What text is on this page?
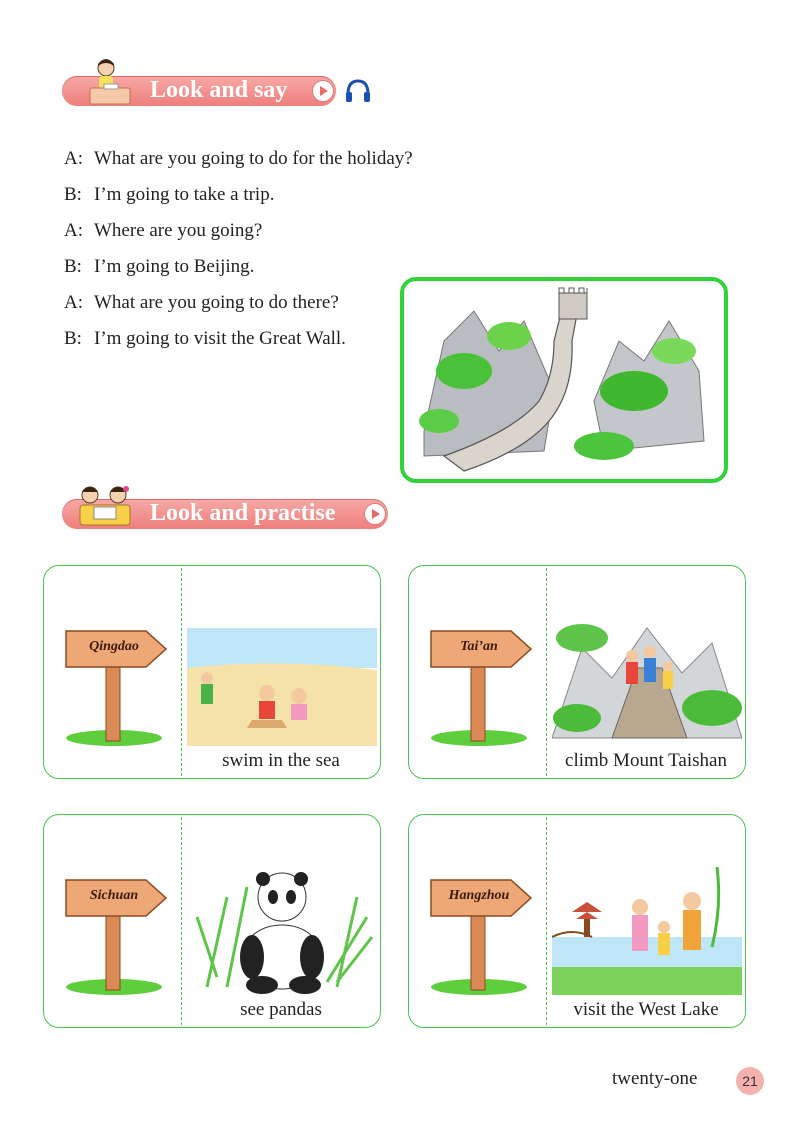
Look and say
A: What are you going to do for the holiday?
B: I’m going to take a trip.
A: Where are you going?
B: I’m going to Beijing.
A: What are you going to do there?
B: I’m going to visit the Great Wall.
Look and practise
Qingdao
swim in the sea
Tai’an
climb Mount Taishan
Sichuan
see pandas
Hangzhou
visit the West Lake
twenty-one	21
